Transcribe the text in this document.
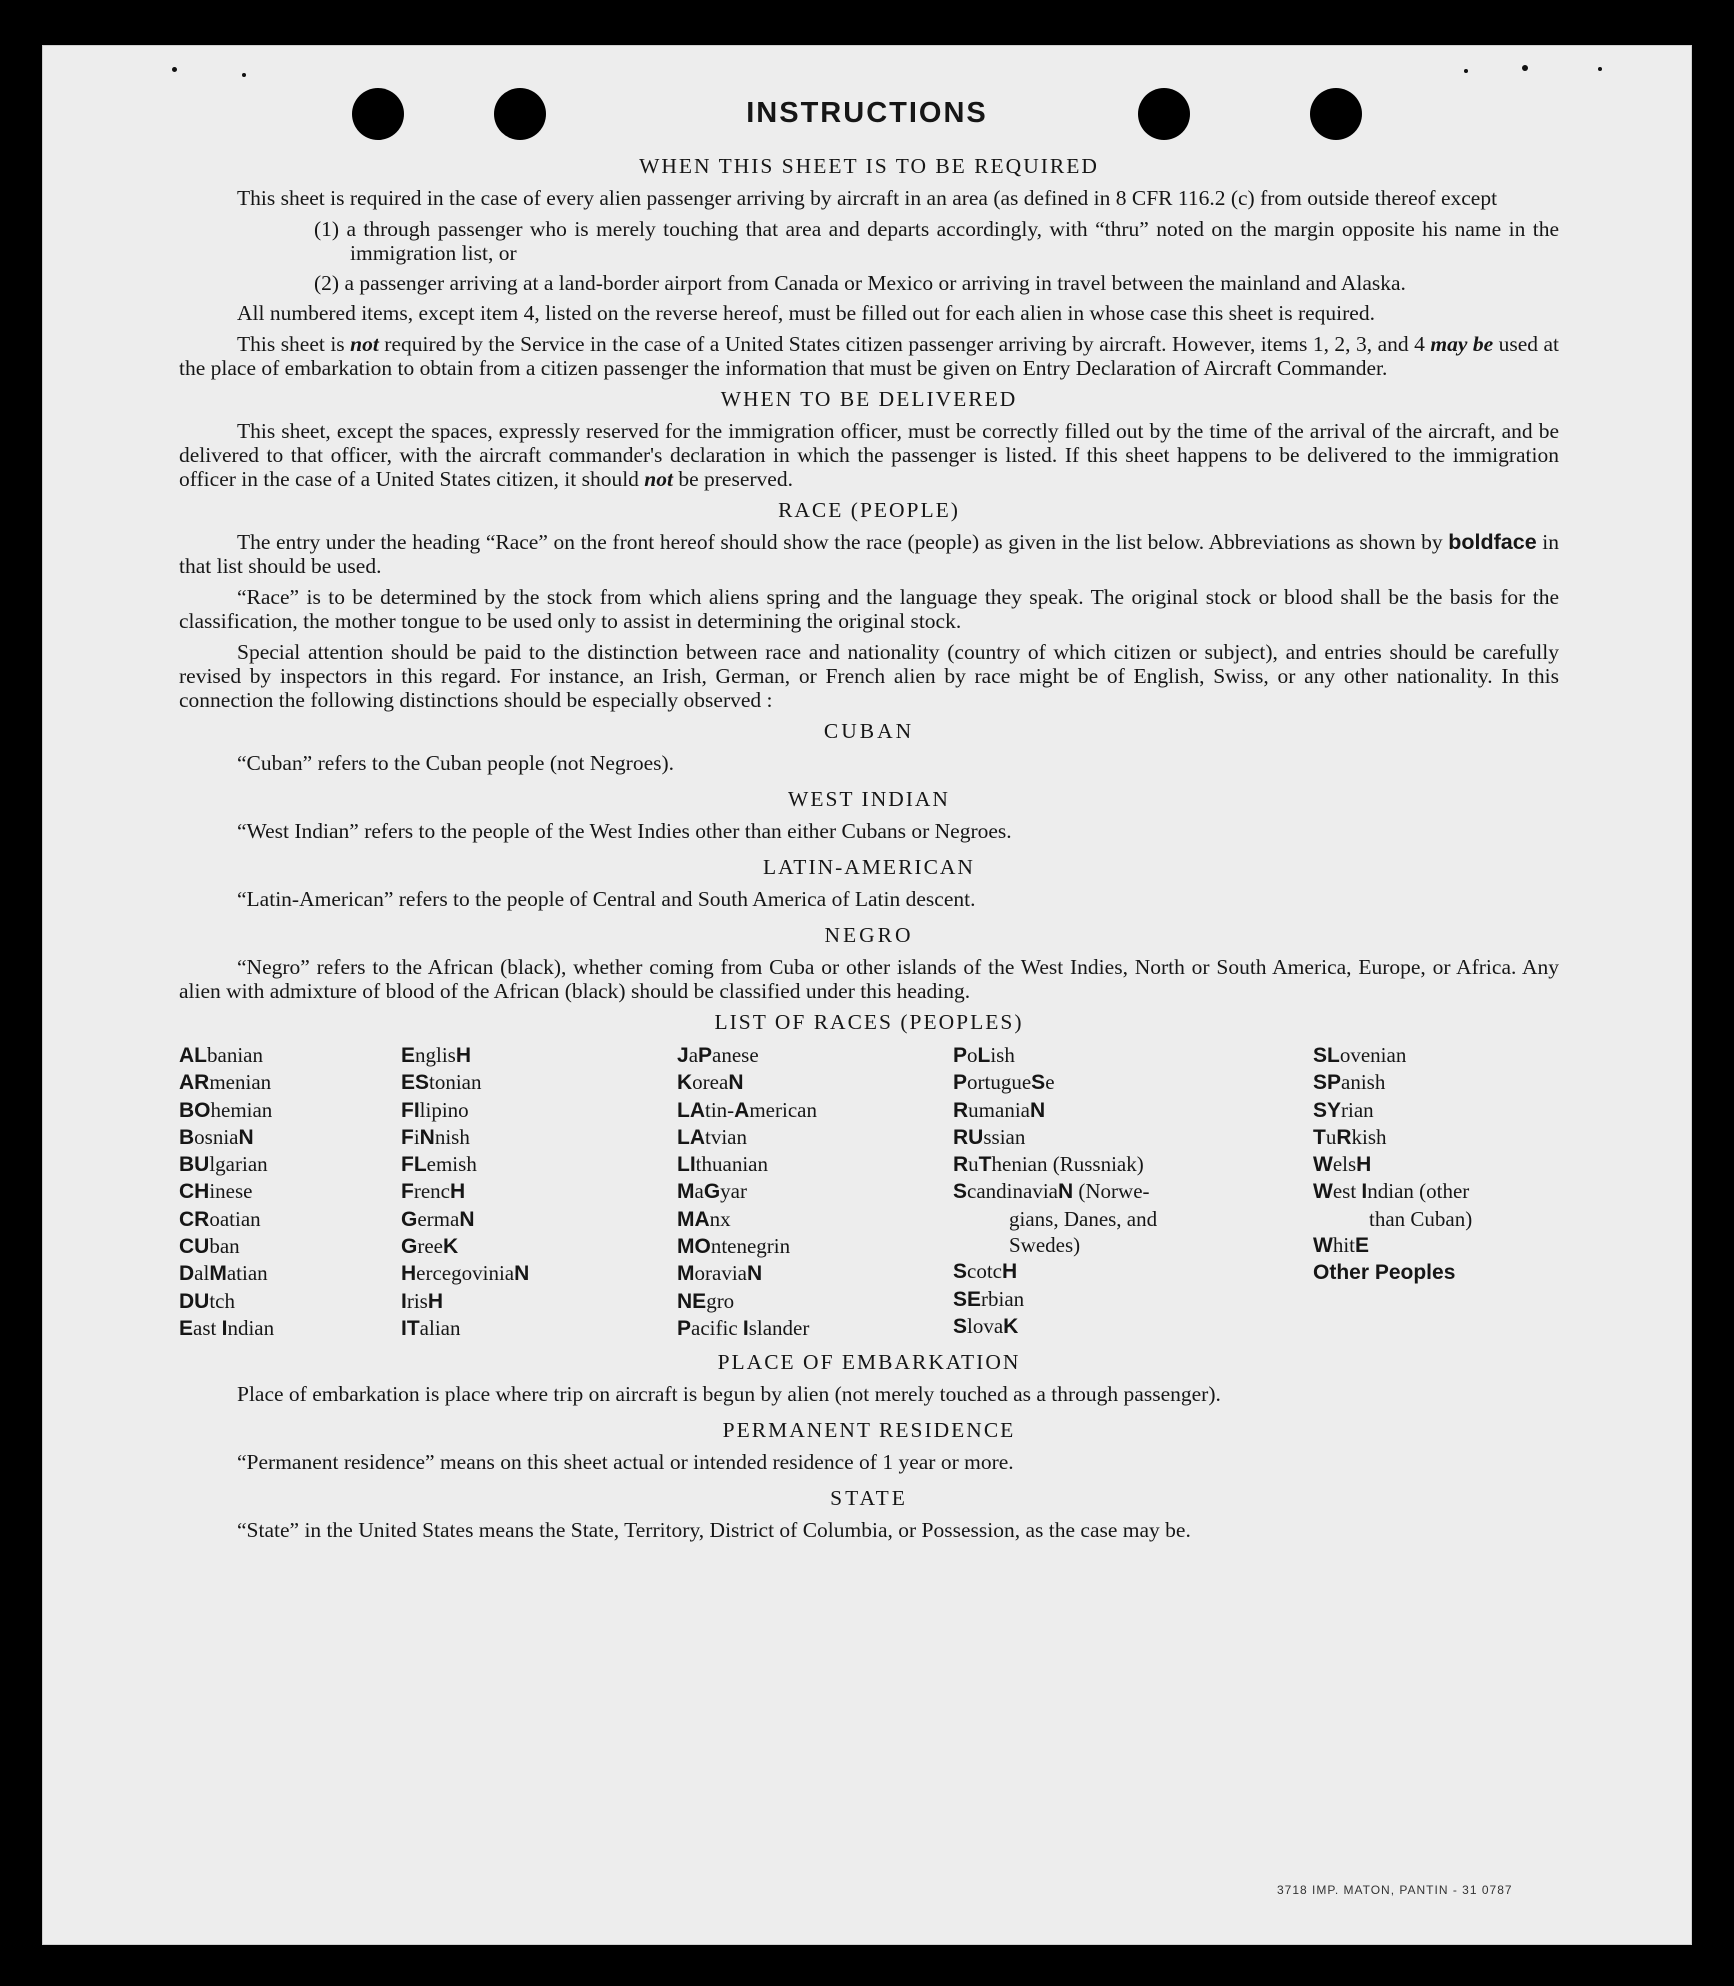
INSTRUCTIONS
WHEN THIS SHEET IS TO BE REQUIRED

This sheet is required in the case of every alien passenger arriving by aircraft in an area (as defined in 8 CFR 116.2 (c) from outside thereof except

(1) a through passenger who is merely touching that area and departs accordingly, with “thru” noted on the margin opposite his name in the immigration list, or
(2) a passenger arriving at a land-border airport from Canada or Mexico or arriving in travel between the mainland and Alaska.

All numbered items, except item 4, listed on the reverse hereof, must be filled out for each alien in whose case this sheet is required.

This sheet is not required by the Service in the case of a United States citizen passenger arriving by aircraft. However, items 1, 2, 3, and 4 may be used at the place of embarkation to obtain from a citizen passenger the information that must be given on Entry Declaration of Aircraft Commander.

WHEN TO BE DELIVERED

This sheet, except the spaces, expressly reserved for the immigration officer, must be correctly filled out by the time of the arrival of the aircraft, and be delivered to that officer, with the aircraft commander's declaration in which the passenger is listed. If this sheet happens to be delivered to the immigration officer in the case of a United States citizen, it should not be preserved.

RACE (PEOPLE)

The entry under the heading “Race” on the front hereof should show the race (people) as given in the list below. Abbreviations as shown by boldface in that list should be used.

“Race” is to be determined by the stock from which aliens spring and the language they speak. The original stock or blood shall be the basis for the classification, the mother tongue to be used only to assist in determining the original stock.

Special attention should be paid to the distinction between race and nationality (country of which citizen or subject), and entries should be carefully revised by inspectors in this regard. For instance, an Irish, German, or French alien by race might be of English, Swiss, or any other nationality. In this connection the following distinctions should be especially observed :

CUBAN
“Cuban” refers to the Cuban people (not Negroes).
WEST INDIAN
“West Indian” refers to the people of the West Indies other than either Cubans or Negroes.
LATIN-AMERICAN
“Latin-American” refers to the people of Central and South America of Latin descent.
NEGRO

“Negro” refers to the African (black), whether coming from Cuba or other islands of the West Indies, North or South America, Europe, or Africa. Any alien with admixture of blood of the African (black) should be classified under this heading.

LIST OF RACES (PEOPLES)
ALbanian
ARmenian
BOhemian
BosniaN
BUlgarian
CHinese
CRoatian
CUban
DalMatian
DUtch
East Indian
EnglisH
EStonian
FIlipino
FiNnish
FLemish
FrencH
GermaN
GreeK
HercegoviniaN
IrisH
ITalian
JaPanese
KoreaN
LAtin-American
LAtvian
LIthuanian
MaGyar
MAnx
MOntenegrin
MoraviaN
NEgro
Pacific Islander
PoLish
PortugueSe
RumaniaN
RUssian
RuThenian (Russniak)
ScandinaviaN (Norwe-
gians, Danes, and
Swedes)
ScotcH
SErbian
SlovaK
SLovenian
SPanish
SYrian
TuRkish
WelsH
West Indian (other
than Cuban)
WhitE
Other Peoples
PLACE OF EMBARKATION

Place of embarkation is place where trip on aircraft is begun by alien (not merely touched as a through passenger).

PERMANENT RESIDENCE
“Permanent residence” means on this sheet actual or intended residence of 1 year or more.
STATE
“State” in the United States means the State, Territory, District of Columbia, or Possession, as the case may be.
3718 IMP. MATON, PANTIN - 31 0787
